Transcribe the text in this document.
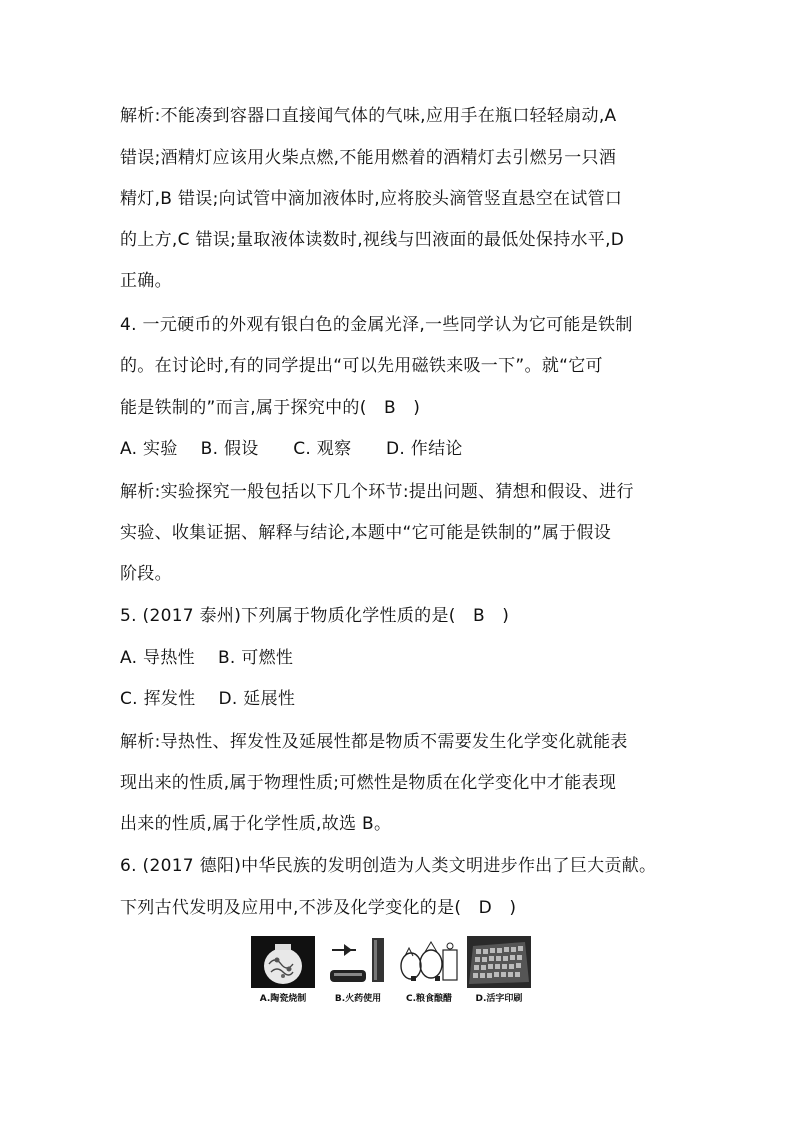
解析:不能凑到容器口直接闻气体的气味,应用手在瓶口轻轻扇动,A
错误;酒精灯应该用火柴点燃,不能用燃着的酒精灯去引燃另一只酒
精灯,B 错误;向试管中滴加液体时,应将胶头滴管竖直悬空在试管口
的上方,C 错误;量取液体读数时,视线与凹液面的最低处保持水平,D
正确。
4. 一元硬币的外观有银白色的金属光泽,一些同学认为它可能是铁制
的。在讨论时,有的同学提出“可以先用磁铁来吸一下”。就“它可
能是铁制的”而言,属于探究中的(　B　)
A. 实验　 B. 假设　　C. 观察　　D. 作结论
解析:实验探究一般包括以下几个环节:提出问题、猜想和假设、进行
实验、收集证据、解释与结论,本题中“它可能是铁制的”属于假设
阶段。
5. (2017 泰州)下列属于物质化学性质的是(　B　)
A. 导热性　 B. 可燃性
C. 挥发性　 D. 延展性
解析:导热性、挥发性及延展性都是物质不需要发生化学变化就能表
现出来的性质,属于物理性质;可燃性是物质在化学变化中才能表现
出来的性质,属于化学性质,故选 B。
6. (2017 德阳)中华民族的发明创造为人类文明进步作出了巨大贡献。
下列古代发明及应用中,不涉及化学变化的是(　D　)
A.陶瓷烧制	B.火药使用	C.粮食酿醋	D.活字印刷
